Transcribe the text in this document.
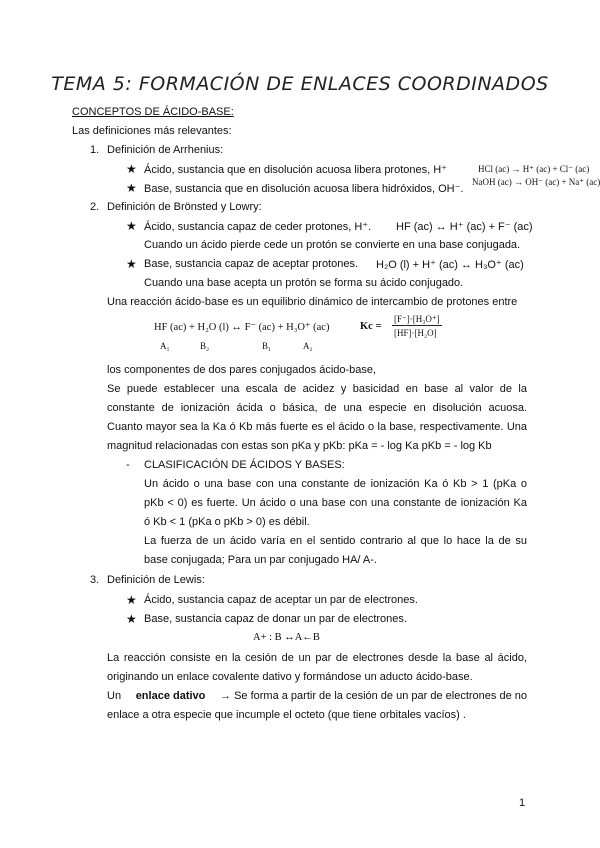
TEMA 5: FORMACIÓN DE ENLACES COORDINADOS
CONCEPTOS DE ÁCIDO-BASE:
Las definiciones más relevantes:
1. Definición de Arrhenius:
★ Ácido, sustancia que en disolución acuosa libera protones, H⁺
★ Base, sustancia que en disolución acuosa libera hidróxidos, OH⁻.
HCl (ac) → H⁺ (ac) + Cl⁻ (ac)
NaOH (ac) → OH⁻ (ac) + Na⁺ (ac)
2. Definición de Brönsted y Lowry:
★ Ácido, sustancia capaz de ceder protones, H⁺. HF (ac) ↔ H⁺ (ac) + F⁻ (ac)
Cuando un ácido pierde cede un protón se convierte en una base conjugada.
★ Base, sustancia capaz de aceptar protones. H₂O (l) + H⁺ (ac) ↔ H₃O⁺ (ac)
Cuando una base acepta un protón se forma su ácido conjugado.
Una reacción ácido-base es un equilibrio dinámico de intercambio de protones entre
HF (ac) + H₂O (l) ↔ F⁻ (ac) + H₃O⁺ (ac)	Kc =
[F⁻]·[H₃O⁺]
[HF]·[H₂O]
A₁	B₂	B₁	A₂
los componentes de dos pares conjugados ácido-base,
Se puede establecer una escala de acidez y basicidad en base al valor de la
constante de ionización ácida o básica, de una especie en disolución acuosa.
Cuanto mayor sea la Ka ó Kb más fuerte es el ácido o la base, respectivamente. Una
magnitud relacionadas con estas son pKa y pKb: pKa = - log Ka pKb = - log Kb
- CLASIFICACIÓN DE ÁCIDOS Y BASES:
Un ácido o una base con una constante de ionización Ka ó Kb > 1 (pKa o
pKb < 0) es fuerte. Un ácido o una base con una constante de ionización Ka
ó Kb < 1 (pKa o pKb > 0) es débil.
La fuerza de un ácido varía en el sentido contrario al que lo hace la de su
base conjugada; Para un par conjugado HA/ A-.
3. Definición de Lewis:
★ Ácido, sustancia capaz de aceptar un par de electrones.
★ Base, sustancia capaz de donar un par de electrones.
A+ : B ↔A←B
La reacción consiste en la cesión de un par de electrones desde la base al ácido,
originando un enlace covalente dativo y formándose un aducto ácido-base.
Un enlace dativo → Se forma a partir de la cesión de un par de electrones de no
enlace a otra especie que incumple el octeto (que tiene orbitales vacíos) .
1
